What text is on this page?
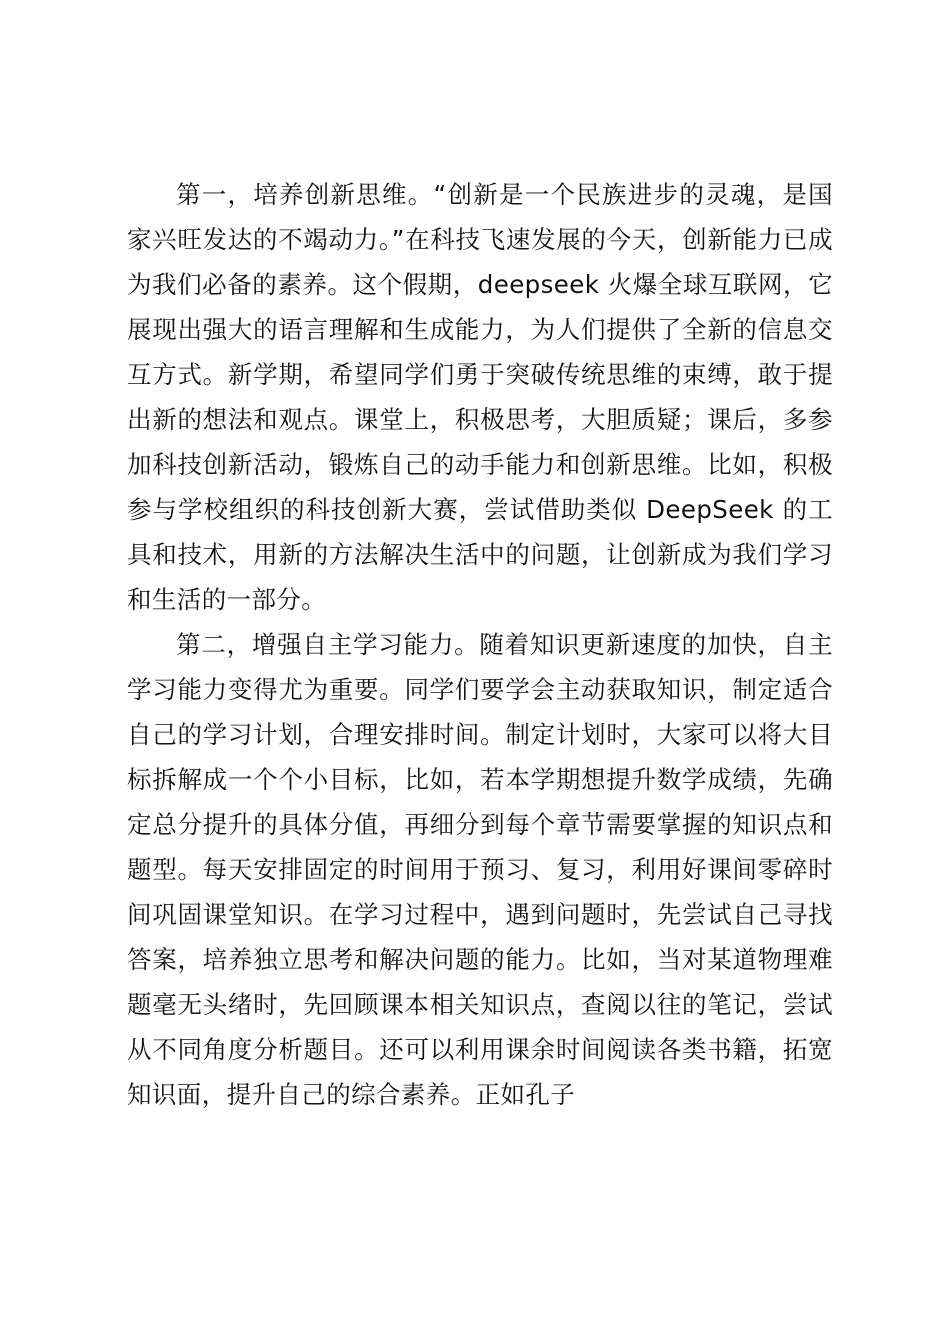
第一，培养创新思维。“创新是一个民族进步的灵魂，是国家兴旺发达的不竭动力。”在科技飞速发展的今天，创新能力已成为我们必备的素养。这个假期，deepseek 火爆全球互联网，它展现出强大的语言理解和生成能力，为人们提供了全新的信息交互方式。新学期，希望同学们勇于突破传统思维的束缚，敢于提出新的想法和观点。课堂上，积极思考，大胆质疑；课后，多参加科技创新活动，锻炼自己的动手能力和创新思维。比如，积极参与学校组织的科技创新大赛，尝试借助类似 DeepSeek 的工具和技术，用新的方法解决生活中的问题，让创新成为我们学习和生活的一部分。

第二，增强自主学习能力。随着知识更新速度的加快，自主学习能力变得尤为重要。同学们要学会主动获取知识，制定适合自己的学习计划，合理安排时间。制定计划时，大家可以将大目标拆解成一个个小目标，比如，若本学期想提升数学成绩，先确定总分提升的具体分值，再细分到每个章节需要掌握的知识点和题型。每天安排固定的时间用于预习、复习，利用好课间零碎时间巩固课堂知识。在学习过程中，遇到问题时，先尝试自己寻找答案，培养独立思考和解决问题的能力。比如，当对某道物理难题毫无头绪时，先回顾课本相关知识点，查阅以往的笔记，尝试从不同角度分析题目。还可以利用课余时间阅读各类书籍，拓宽知识面，提升自己的综合素养。正如孔子
